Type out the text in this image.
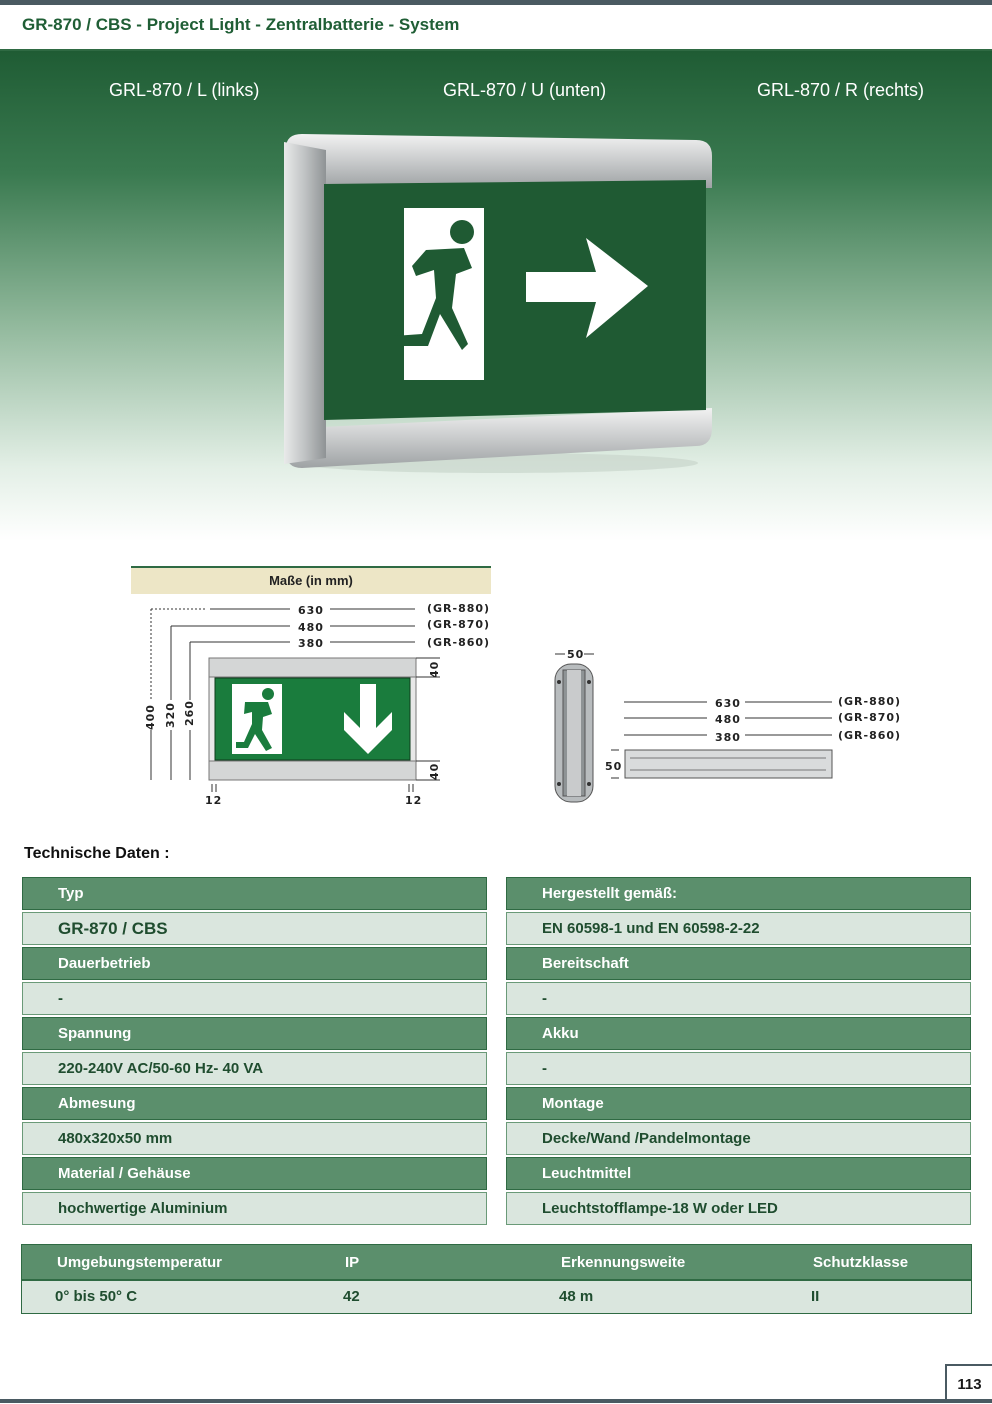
GR-870 / CBS - Project Light - Zentralbatterie - System
GRL-870 / L (links)	GRL-870 / U (unten)	GRL-870 / R (rechts)
Maße (in mm)
630
480
380
(GR-880)
(GR-870)
(GR-860)
400 320 260
40
40
12	12
50
630
480
380
(GR-880)
(GR-870)
(GR-860)
50
Technische Daten :
Typ
GR-870 / CBS
Dauerbetrieb
-
Spannung
220-240V AC/50-60 Hz- 40 VA
Abmesung
480x320x50 mm
Material / Gehäuse
hochwertige Aluminium
Hergestellt gemäß:
EN 60598-1 und EN 60598-2-22
Bereitschaft
-
Akku
-
Montage
Decke/Wand /Pandelmontage
Leuchtmittel
Leuchtstofflampe-18 W oder LED
Umgebungstemperatur	IP	Erkennungsweite	Schutzklasse
0° bis 50° C	42	48 m	II
113
